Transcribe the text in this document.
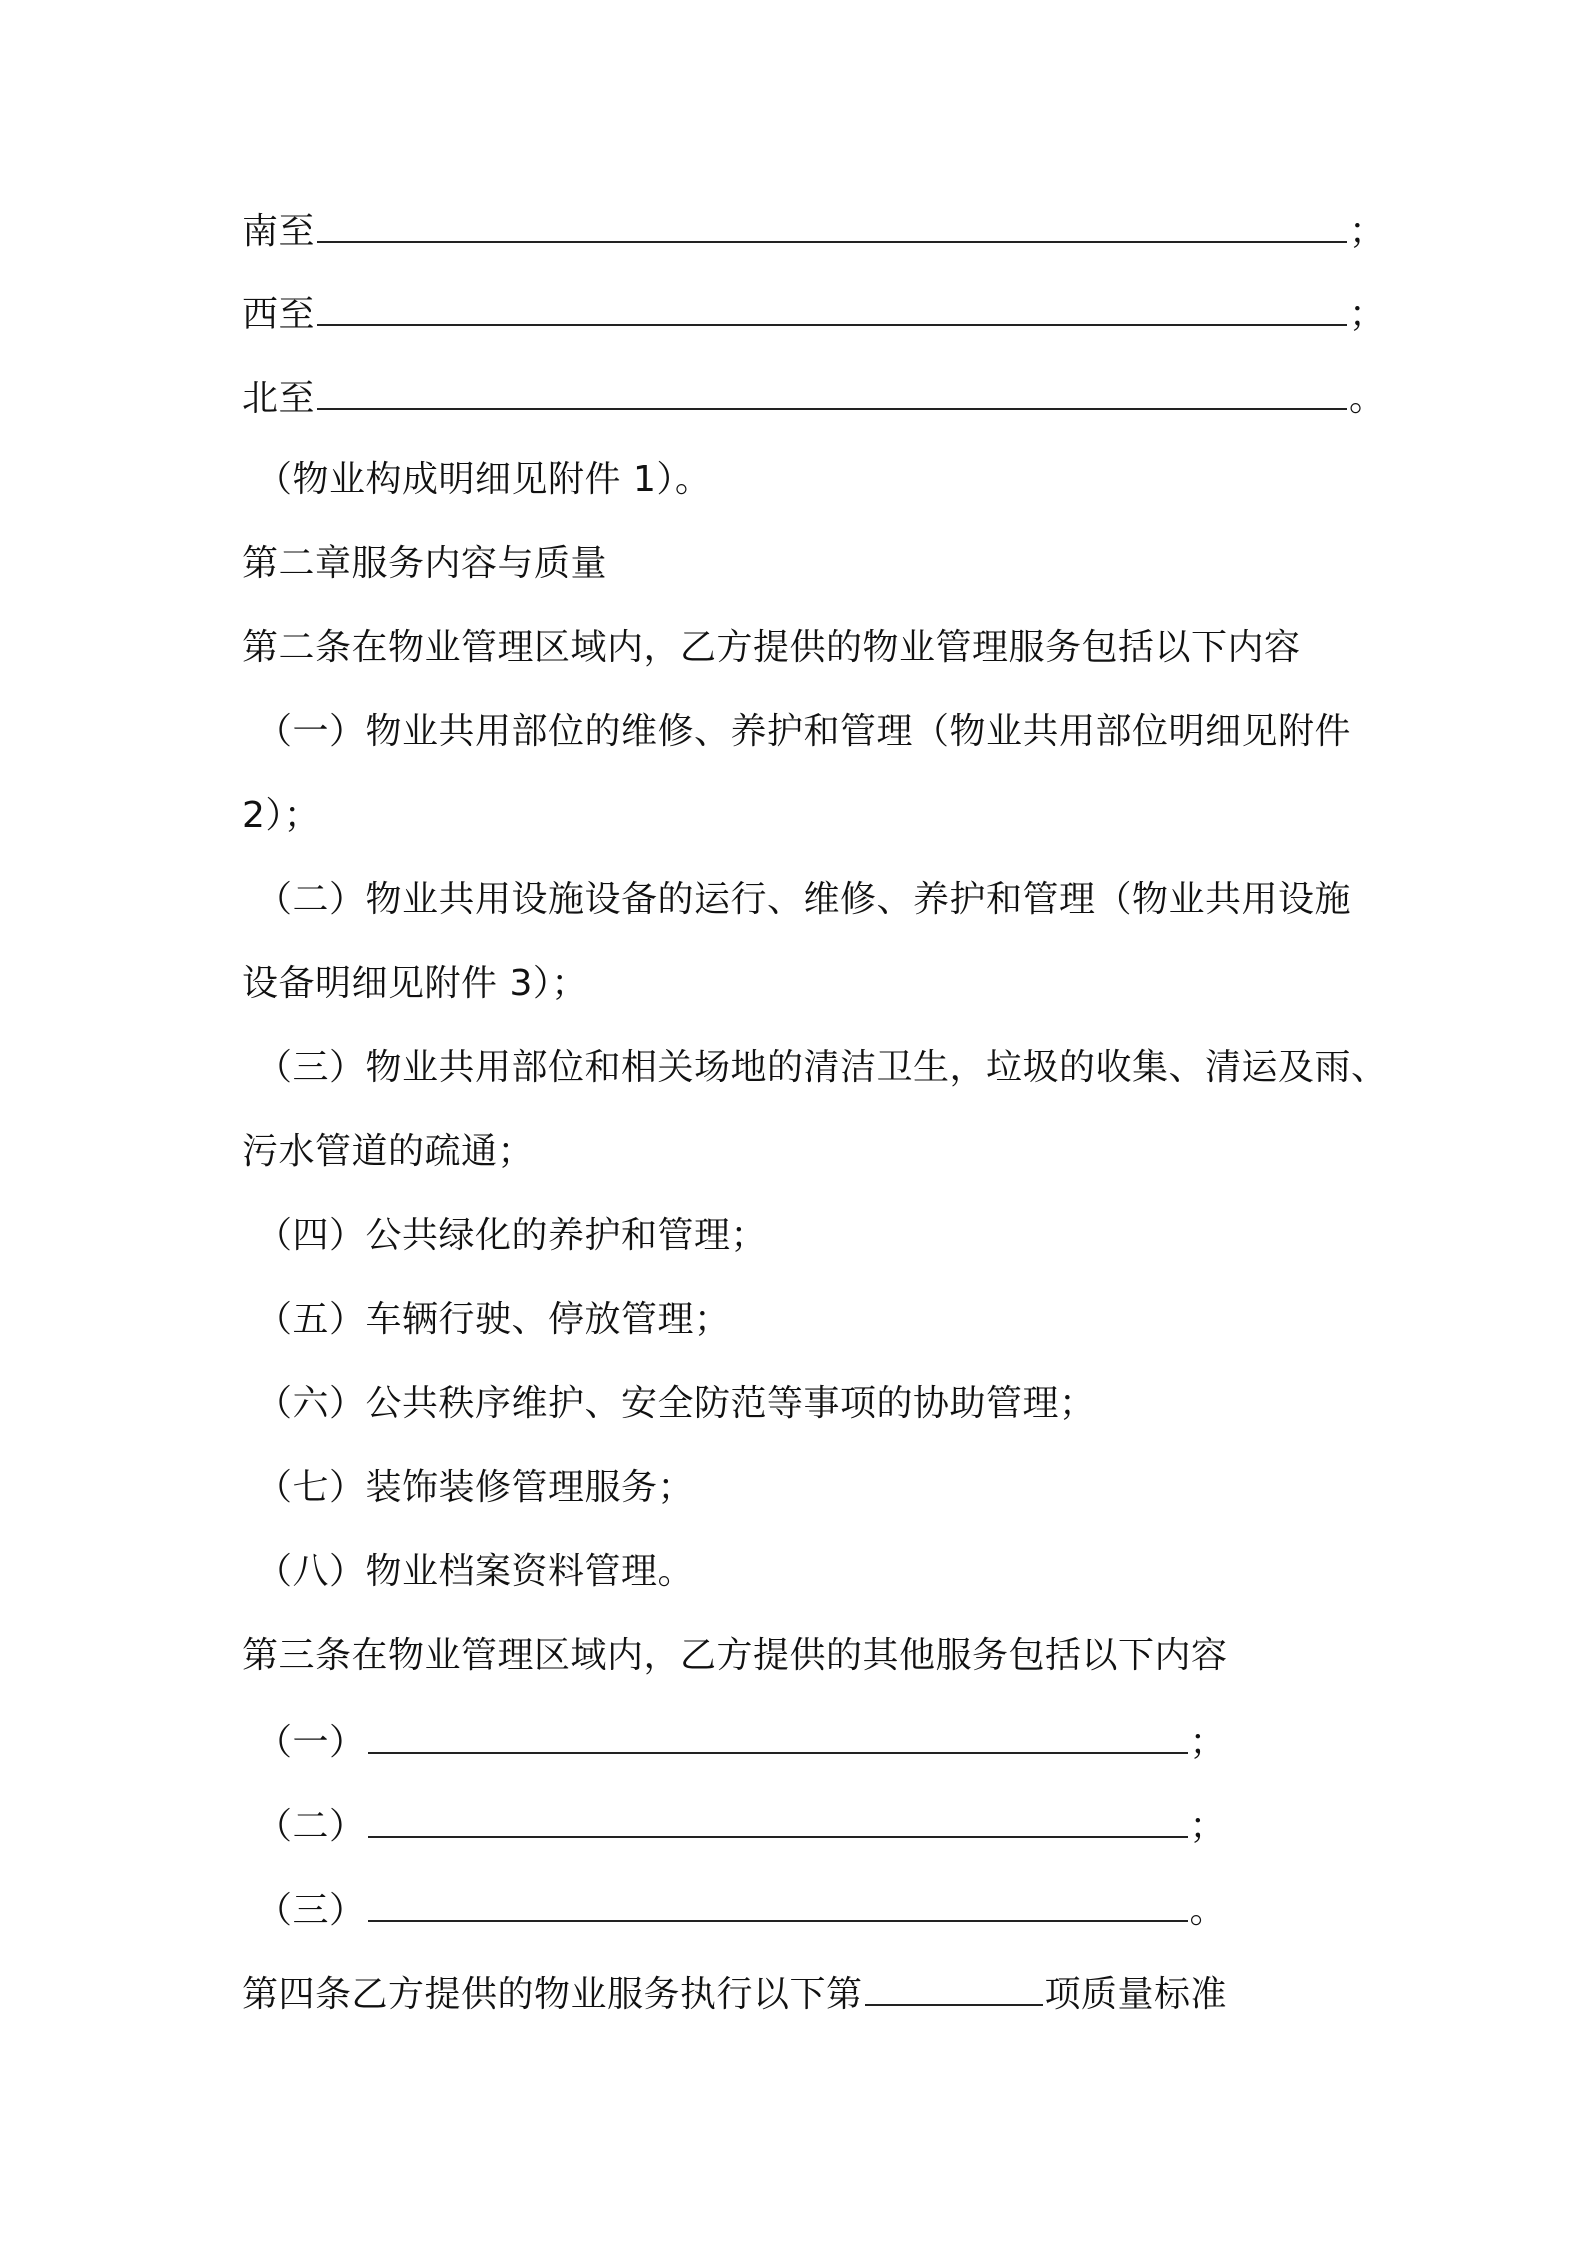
南至	；
西至	；
北至	。
（物业构成明细见附件 1）。
第二章服务内容与质量
第二条在物业管理区域内，乙方提供的物业管理服务包括以下内容
（一）物业共用部位的维修、养护和管理（物业共用部位明细见附件
2）；
（二）物业共用设施设备的运行、维修、养护和管理（物业共用设施
设备明细见附件 3）；
（三）物业共用部位和相关场地的清洁卫生，垃圾的收集、清运及雨、
污水管道的疏通；
（四）公共绿化的养护和管理；
（五）车辆行驶、停放管理；
（六）公共秩序维护、安全防范等事项的协助管理；
（七）装饰装修管理服务；
（八）物业档案资料管理。
第三条在物业管理区域内，乙方提供的其他服务包括以下内容
（一）	；
（二）	；
（三）	。
第四条乙方提供的物业服务执行以下第	项质量标准
